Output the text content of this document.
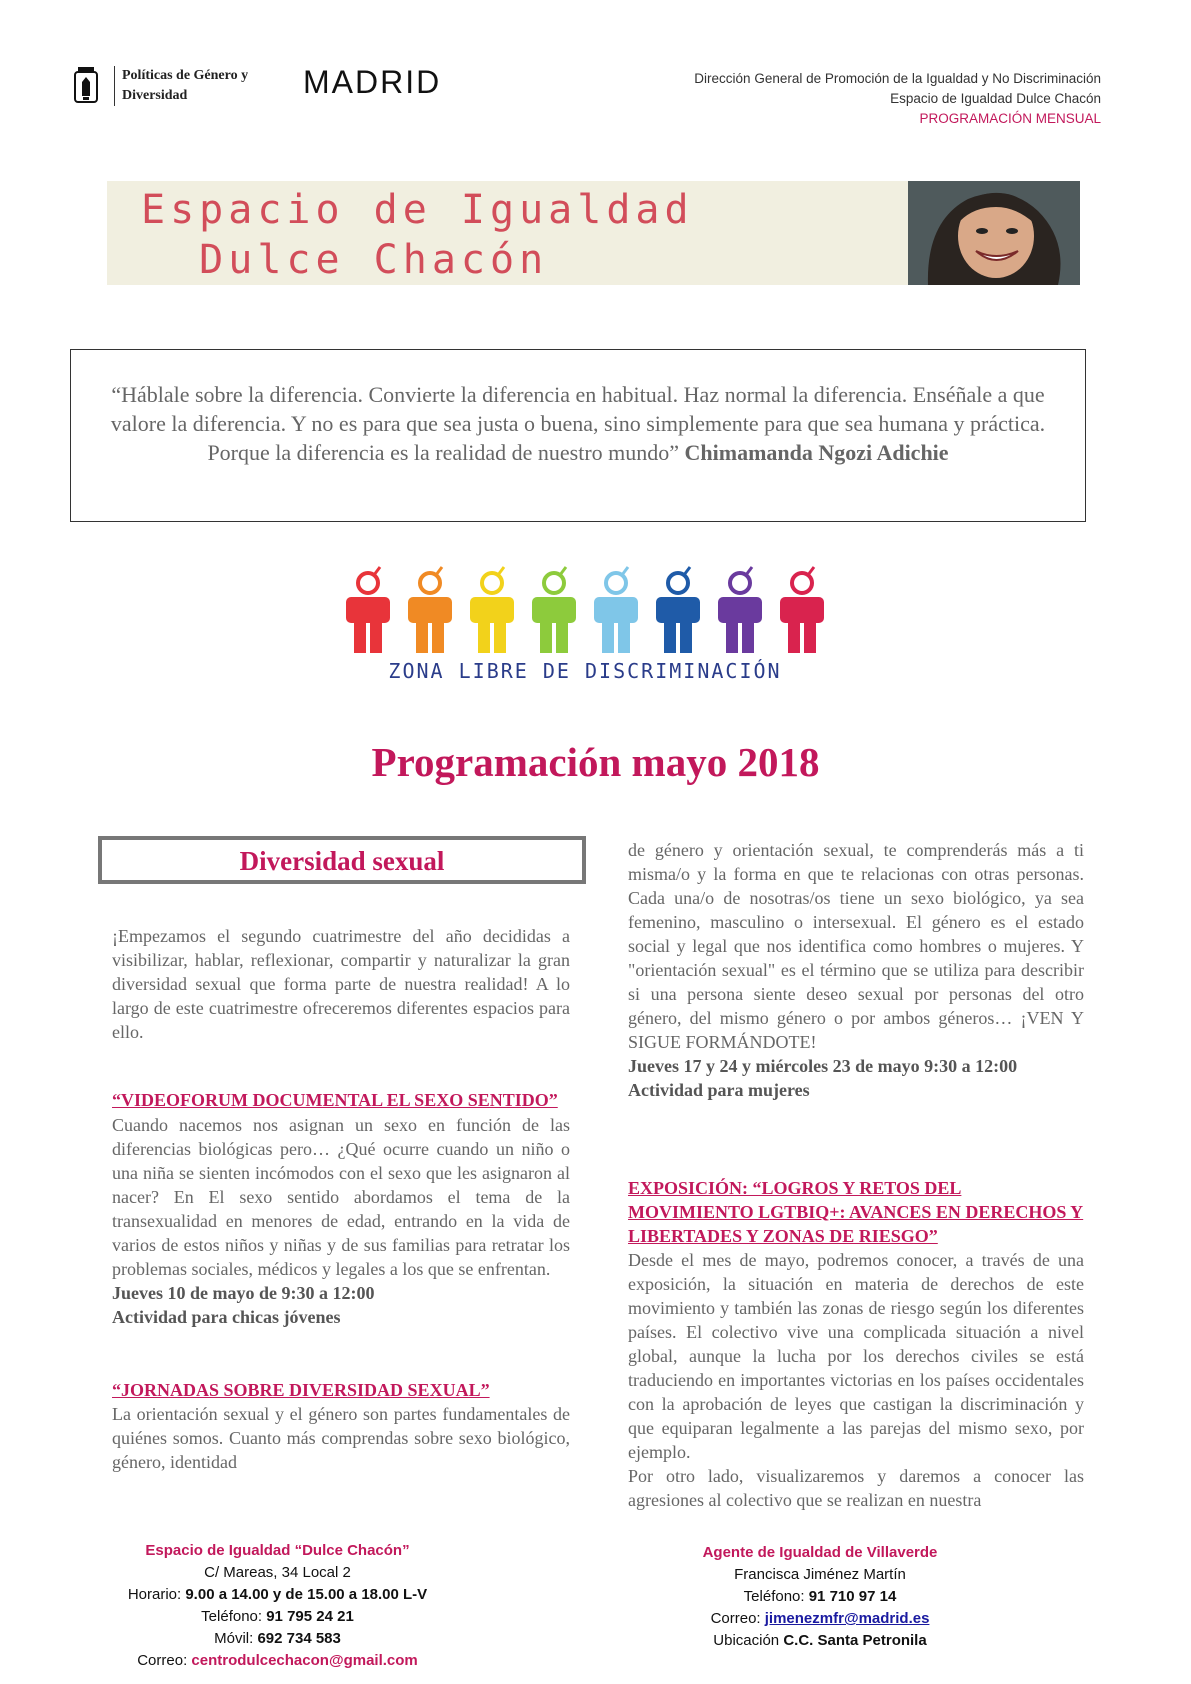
Políticas de Género y
Diversidad	MADRID	Dirección General de Promoción de la Igualdad y No Discriminación
Espacio de Igualdad Dulce Chacón
PROGRAMACIÓN MENSUAL
Espacio de Igualdad
Dulce Chacón
“Háblale sobre la diferencia. Convierte la diferencia en habitual. Haz normal la diferencia. Enséñale a que valore la diferencia. Y no es para que sea justa o buena, sino simplemente para que sea humana y práctica. Porque la diferencia es la realidad de nuestro mundo” Chimamanda Ngozi Adichie
ZONA LIBRE DE DISCRIMINACIÓN
Programación mayo 2018
Diversidad sexual
¡Empezamos el segundo cuatrimestre del año decididas a visibilizar, hablar, reflexionar, compartir y naturalizar la gran diversidad sexual que forma parte de nuestra realidad! A lo largo de este cuatrimestre ofreceremos diferentes espacios para ello.
“VIDEOFORUM DOCUMENTAL EL SEXO SENTIDO”
Cuando nacemos nos asignan un sexo en función de las diferencias biológicas pero… ¿Qué ocurre cuando un niño o una niña se sienten incómodos con el sexo que les asignaron al nacer? En El sexo sentido abordamos el tema de la transexualidad en menores de edad, entrando en la vida de varios de estos niños y niñas y de sus familias para retratar los problemas sociales, médicos y legales a los que se enfrentan.
Jueves 10 de mayo de 9:30 a 12:00
Actividad para chicas jóvenes
“JORNADAS SOBRE DIVERSIDAD SEXUAL”
La orientación sexual y el género son partes fundamentales de quiénes somos. Cuanto más comprendas sobre sexo biológico, género, identidad
de género y orientación sexual, te comprenderás más a ti misma/o y la forma en que te relacionas con otras personas. Cada una/o de nosotras/os tiene un sexo biológico, ya sea femenino, masculino o intersexual. El género es el estado social y legal que nos identifica como hombres o mujeres. Y "orientación sexual" es el término que se utiliza para describir si una persona siente deseo sexual por personas del otro género, del mismo género o por ambos géneros… ¡VEN Y SIGUE FORMÁNDOTE!
Jueves 17 y 24 y miércoles 23 de mayo 9:30 a 12:00
Actividad para mujeres
EXPOSICIÓN: “LOGROS Y RETOS DEL MOVIMIENTO LGTBIQ+: AVANCES EN DERECHOS Y LIBERTADES Y ZONAS DE RIESGO”
Desde el mes de mayo, podremos conocer, a través de una exposición, la situación en materia de derechos de este movimiento y también las zonas de riesgo según los diferentes países. El colectivo vive una complicada situación a nivel global, aunque la lucha por los derechos civiles se está traduciendo en importantes victorias en los países occidentales con la aprobación de leyes que castigan la discriminación y que equiparan legalmente a las parejas del mismo sexo, por ejemplo.
Por otro lado, visualizaremos y daremos a conocer las agresiones al colectivo que se realizan en nuestra
Espacio de Igualdad “Dulce Chacón”
C/ Mareas, 34 Local 2
Horario: 9.00 a 14.00 y de 15.00 a 18.00 L-V
Teléfono: 91 795 24 21
Móvil: 692 734 583
Correo: centrodulcechacon@gmail.com
Agente de Igualdad de Villaverde
Francisca Jiménez Martín
Teléfono: 91 710 97 14
Correo: jimenezmfr@madrid.es
Ubicación C.C. Santa Petronila
